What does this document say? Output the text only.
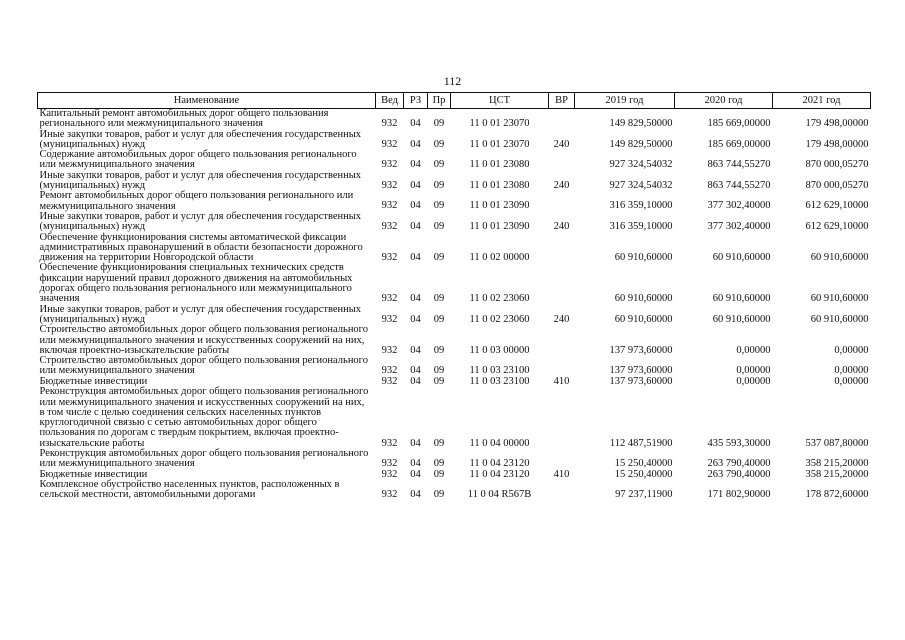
112
Наименование	Вед	РЗ	Пр	ЦСТ	ВР	2019 год	2020 год	2021 год
Капитальный ремонт автомобильных дорог общего пользования регионального или межмуниципального значения	932	04	09	11 0 01 23070		149 829,50000	185 669,00000	179 498,00000
Иные закупки товаров, работ и услуг для обеспечения государственных (муниципальных) нужд	932	04	09	11 0 01 23070	240	149 829,50000	185 669,00000	179 498,00000
Содержание автомобильных дорог общего пользования регионального или межмуниципального значения	932	04	09	11 0 01 23080		927 324,54032	863 744,55270	870 000,05270
Иные закупки товаров, работ и услуг для обеспечения государственных (муниципальных) нужд	932	04	09	11 0 01 23080	240	927 324,54032	863 744,55270	870 000,05270
Ремонт автомобильных дорог общего пользования регионального или межмуниципального значения	932	04	09	11 0 01 23090		316 359,10000	377 302,40000	612 629,10000
Иные закупки товаров, работ и услуг для обеспечения государственных (муниципальных) нужд	932	04	09	11 0 01 23090	240	316 359,10000	377 302,40000	612 629,10000
Обеспечение функционирования системы автоматической фиксации административных правонарушений в области безопасности дорожного движения на территории Новгородской области	932	04	09	11 0 02 00000		60 910,60000	60 910,60000	60 910,60000
Обеспечение функционирования специальных технических средств фиксации нарушений правил дорожного движения на автомобильных дорогах общего пользования регионального или межмуниципального значения	932	04	09	11 0 02 23060		60 910,60000	60 910,60000	60 910,60000
Иные закупки товаров, работ и услуг для обеспечения государственных (муниципальных) нужд	932	04	09	11 0 02 23060	240	60 910,60000	60 910,60000	60 910,60000
Строительство автомобильных дорог общего пользования регионального или межмуниципального значения и искусственных сооружений на них, включая проектно-изыскательские работы	932	04	09	11 0 03 00000		137 973,60000	0,00000	0,00000
Строительство автомобильных дорог общего пользования регионального или межмуниципального значения	932	04	09	11 0 03 23100		137 973,60000	0,00000	0,00000
Бюджетные инвестиции	932	04	09	11 0 03 23100	410	137 973,60000	0,00000	0,00000
Реконструкция автомобильных дорог общего пользования регионального или межмуниципального значения и искусственных сооружений на них, в том числе с целью соединения сельских населенных пунктов круглогодичной связью с сетью автомобильных дорог общего пользования по дорогам с твердым покрытием, включая проектно-изыскательские работы	932	04	09	11 0 04 00000		112 487,51900	435 593,30000	537 087,80000
Реконструкция автомобильных дорог общего пользования регионального или межмуниципального значения	932	04	09	11 0 04 23120		15 250,40000	263 790,40000	358 215,20000
Бюджетные инвестиции	932	04	09	11 0 04 23120	410	15 250,40000	263 790,40000	358 215,20000
Комплексное обустройство населенных пунктов, расположенных в сельской местности, автомобильными дорогами	932	04	09	11 0 04 R567B		97 237,11900	171 802,90000	178 872,60000
